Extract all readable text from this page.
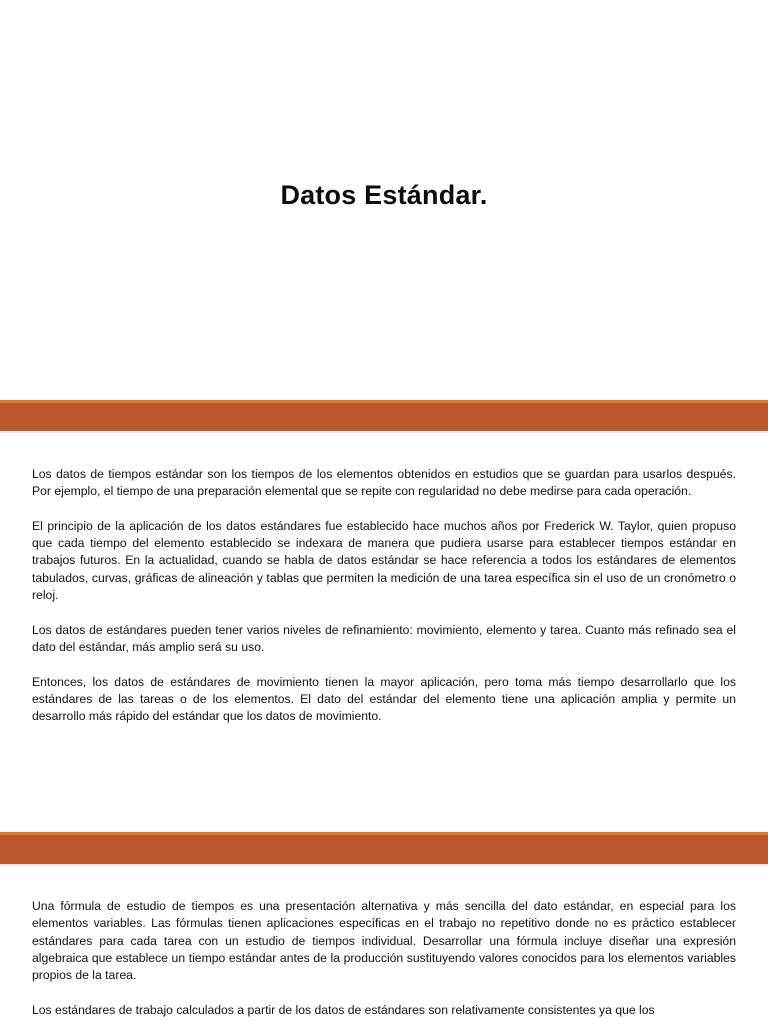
Datos Estándar.

Los datos de tiempos estándar son los tiempos de los elementos obtenidos en estudios que se guardan para usarlos después. Por ejemplo, el tiempo de una preparación elemental que se repite con regularidad no debe medirse para cada operación.

El principio de la aplicación de los datos estándares fue establecido hace muchos años por Frederick W. Taylor, quien propuso que cada tiempo del elemento establecido se indexara de manera que pudiera usarse para establecer tiempos estándar en trabajos futuros. En la actualidad, cuando se habla de datos estándar se hace referencia a todos los estándares de elementos tabulados, curvas, gráficas de alineación y tablas que permiten la medición de una tarea específica sin el uso de un cronómetro o reloj.

Los datos de estándares pueden tener varios niveles de refinamiento: movimiento, elemento y tarea. Cuanto más refinado sea el dato del estándar, más amplio será su uso.

Entonces, los datos de estándares de movimiento tienen la mayor aplicación, pero toma más tiempo desarrollarlo que los estándares de las tareas o de los elementos. El dato del estándar del elemento tiene una aplicación amplia y permite un desarrollo más rápido del estándar que los datos de movimiento.

Una fórmula de estudio de tiempos es una presentación alternativa y más sencilla del dato estándar, en especial para los elementos variables. Las fórmulas tienen aplicaciones específicas en el trabajo no repetitivo donde no es práctico establecer estándares para cada tarea con un estudio de tiempos individual. Desarrollar una fórmula incluye diseñar una expresión algebraica que establece un tiempo estándar antes de la producción sustituyendo valores conocidos para los elementos variables propios de la tarea.

Los estándares de trabajo calculados a partir de los datos de estándares son relativamente consistentes ya que los
